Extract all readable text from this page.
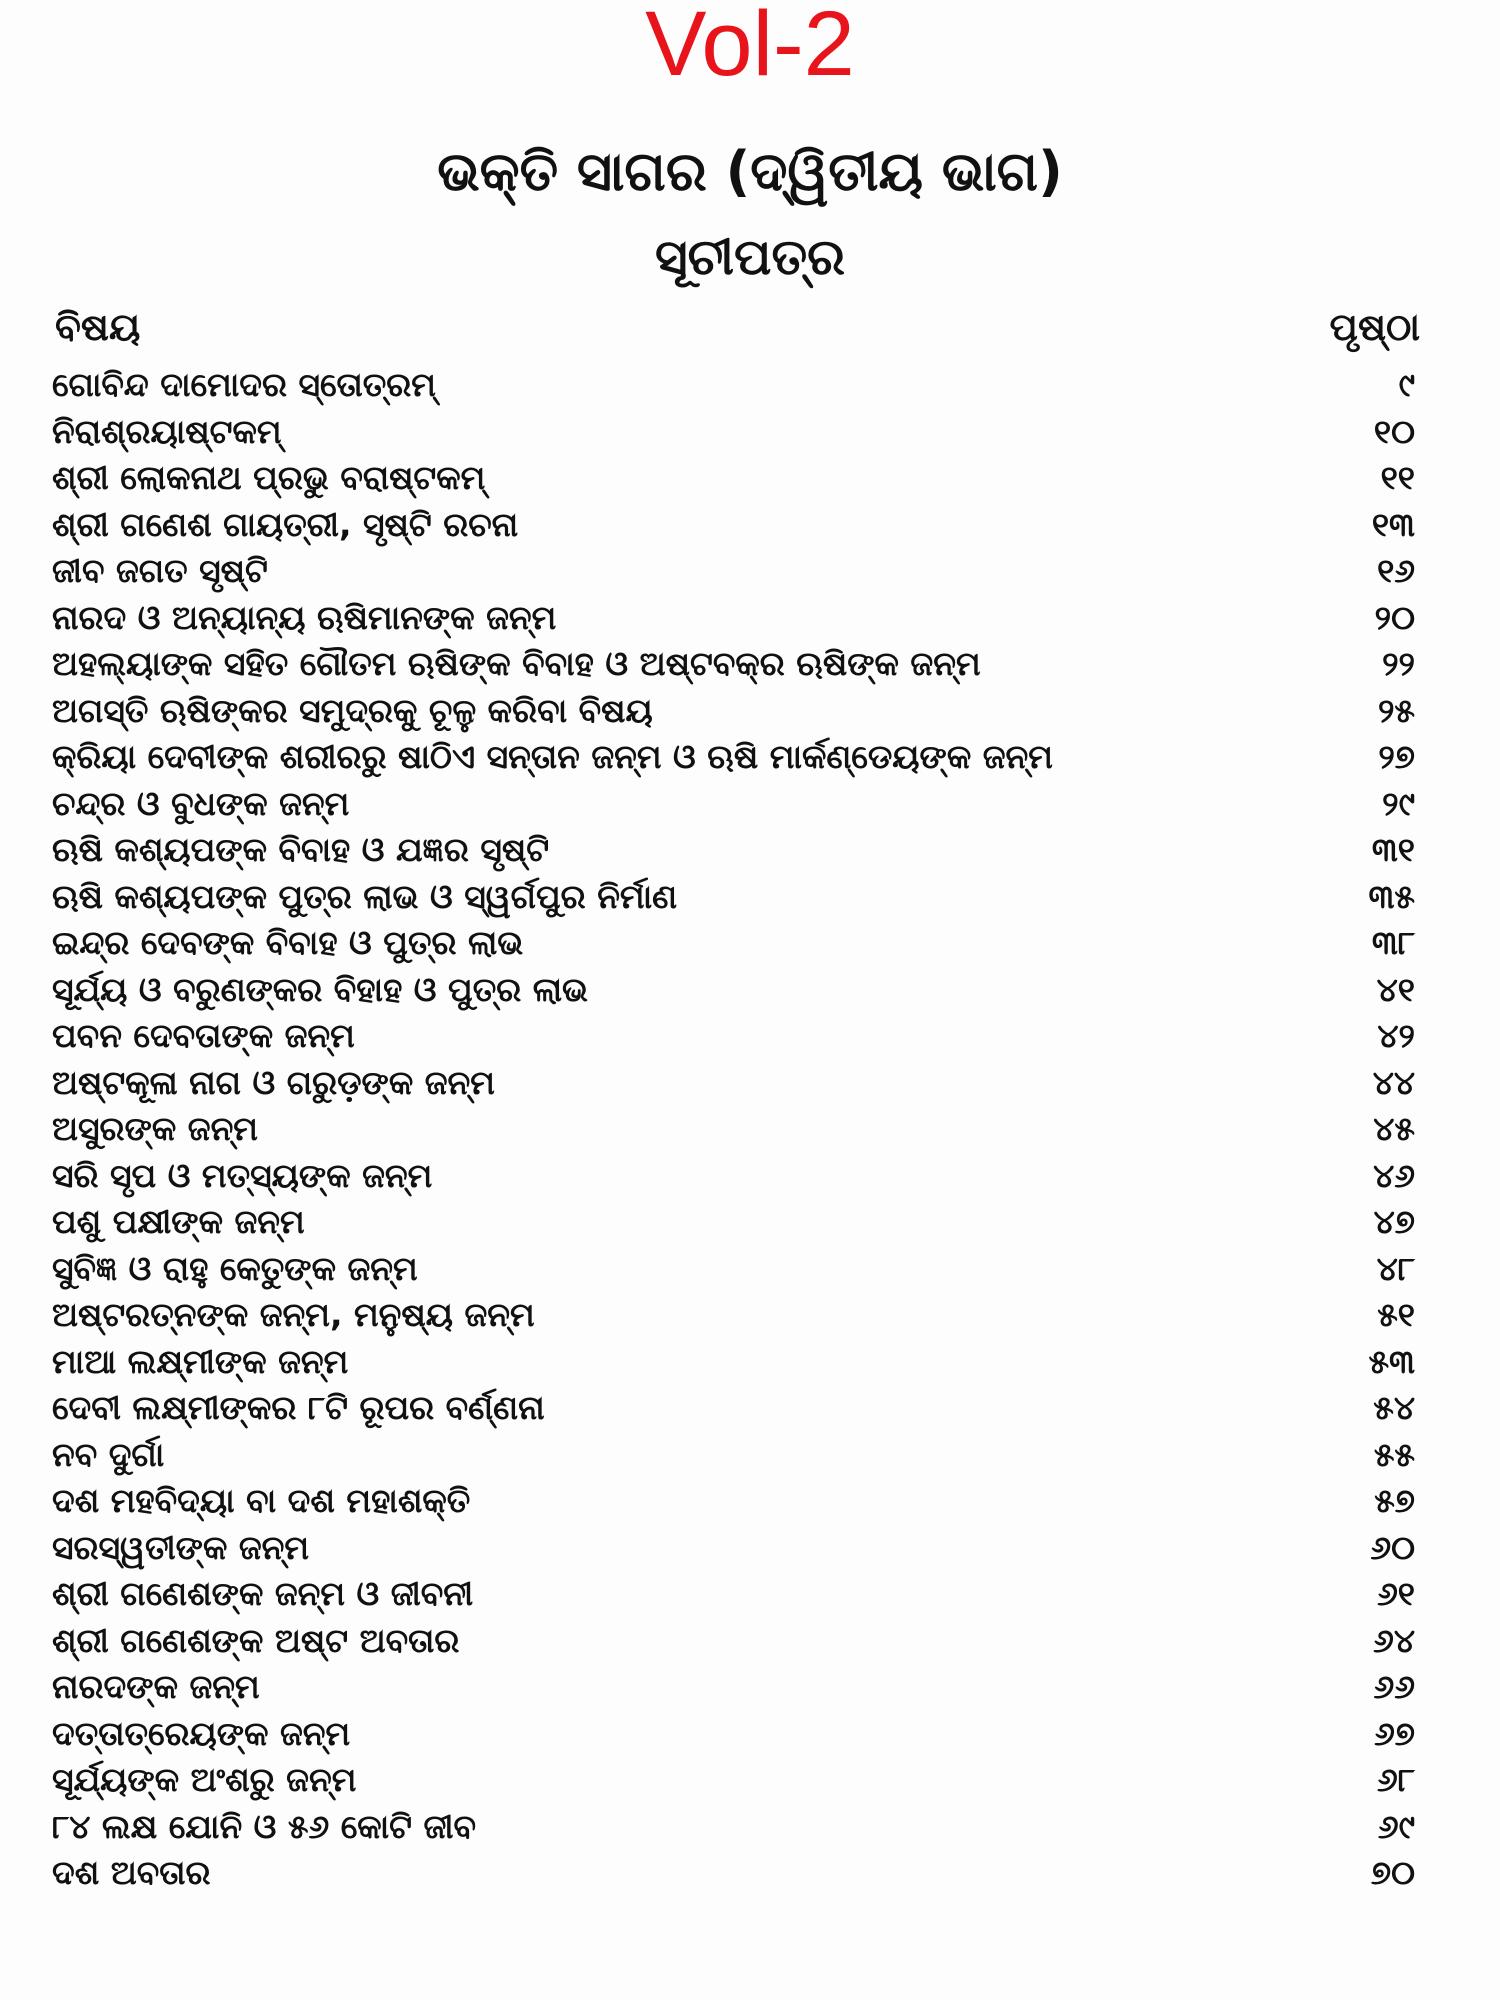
Vol-2
ଭକ୍ତି ସାଗର (ଦ୍ୱିତୀୟ ଭାଗ)
ସୂଚୀପତ୍ର
ବିଷୟ	ପୃଷ୍ଠା
ଗୋବିନ୍ଦ ଦାମୋଦର ସ୍ତୋତ୍ରମ୍	୯
ନିରାଶ୍ରୟାଷ୍ଟକମ୍	୧୦
ଶ୍ରୀ ଲୋକନାଥ ପ୍ରଭୁ ବରାଷ୍ଟକମ୍	୧୧
ଶ୍ରୀ ଗଣେଶ ଗାୟତ୍ରୀ, ସୃଷ୍ଟି ରଚନା	୧୩
ଜୀବ ଜଗତ ସୃଷ୍ଟି	୧୬
ନାରଦ ଓ ଅନ୍ୟାନ୍ୟ ଋଷିମାନଙ୍କ ଜନ୍ମ	୨୦
ଅହଲ୍ୟାଙ୍କ ସହିତ ଗୌତମ ଋଷିଙ୍କ ବିବାହ ଓ ଅଷ୍ଟବକ୍ର ଋଷିଙ୍କ ଜନ୍ମ	୨୨
ଅଗସ୍ତି ଋଷିଙ୍କର ସମୁଦ୍ରକୁ ଚୂଳୁ କରିବା ବିଷୟ	୨୫
କ୍ରିୟା ଦେବୀଙ୍କ ଶରୀରରୁ ଷାଠିଏ ସନ୍ତାନ ଜନ୍ମ ଓ ଋଷି ମାର୍କଣ୍ଡେୟଙ୍କ ଜନ୍ମ	୨୭
ଚନ୍ଦ୍ର ଓ ବୁଧଙ୍କ ଜନ୍ମ	୨୯
ଋଷି କଶ୍ୟପଙ୍କ ବିବାହ ଓ ଯଜ୍ଞର ସୃଷ୍ଟି	୩୧
ଋଷି କଶ୍ୟପଙ୍କ ପୁତ୍ର ଲାଭ ଓ ସ୍ୱର୍ଗପୁର ନିର୍ମାଣ	୩୫
ଇନ୍ଦ୍ର ଦେବଙ୍କ ବିବାହ ଓ ପୁତ୍ର ଲାଭ	୩୮
ସୂର୍ଯ୍ୟ ଓ ବରୁଣଙ୍କର ବିହାହ ଓ ପୁତ୍ର ଲାଭ	୪୧
ପବନ ଦେବତାଙ୍କ ଜନ୍ମ	୪୨
ଅଷ୍ଟକୂଳା ନାଗ ଓ ଗରୁଡ଼ଙ୍କ ଜନ୍ମ	୪୪
ଅସୁରଙ୍କ ଜନ୍ମ	୪୫
ସରି ସୃପ ଓ ମତ୍ସ୍ୟଙ୍କ ଜନ୍ମ	୪୬
ପଶୁ ପକ୍ଷୀଙ୍କ ଜନ୍ମ	୪୭
ସୁବିଜ୍ଞ ଓ ରାହୁ କେତୁଙ୍କ ଜନ୍ମ	୪୮
ଅଷ୍ଟରତ୍ନଙ୍କ ଜନ୍ମ, ମନୁଷ୍ୟ ଜନ୍ମ	୫୧
ମାଆ ଲକ୍ଷ୍ମୀଙ୍କ ଜନ୍ମ	୫୩
ଦେବୀ ଲକ୍ଷ୍ମୀଙ୍କର ୮ଟି ରୂପର ବର୍ଣ୍ଣନା	୫୪
ନବ ଦୁର୍ଗା	୫୫
ଦଶ ମହବିଦ୍ୟା ବା ଦଶ ମହାଶକ୍ତି	୫୭
ସରସ୍ୱତୀଙ୍କ ଜନ୍ମ	୬୦
ଶ୍ରୀ ଗଣେଶଙ୍କ ଜନ୍ମ ଓ ଜୀବନୀ	୬୧
ଶ୍ରୀ ଗଣେଶଙ୍କ ଅଷ୍ଟ ଅବତାର	୬୪
ନାରଦଙ୍କ ଜନ୍ମ	୬୬
ଦତ୍ତାତ୍ରେୟଙ୍କ ଜନ୍ମ	୬୭
ସୂର୍ଯ୍ୟଙ୍କ ଅଂଶରୁ ଜନ୍ମ	୬୮
୮୪ ଲକ୍ଷ ଯୋନି ଓ ୫୬ କୋଟି ଜୀବ	୬୯
ଦଶ ଅବତାର	୭୦
